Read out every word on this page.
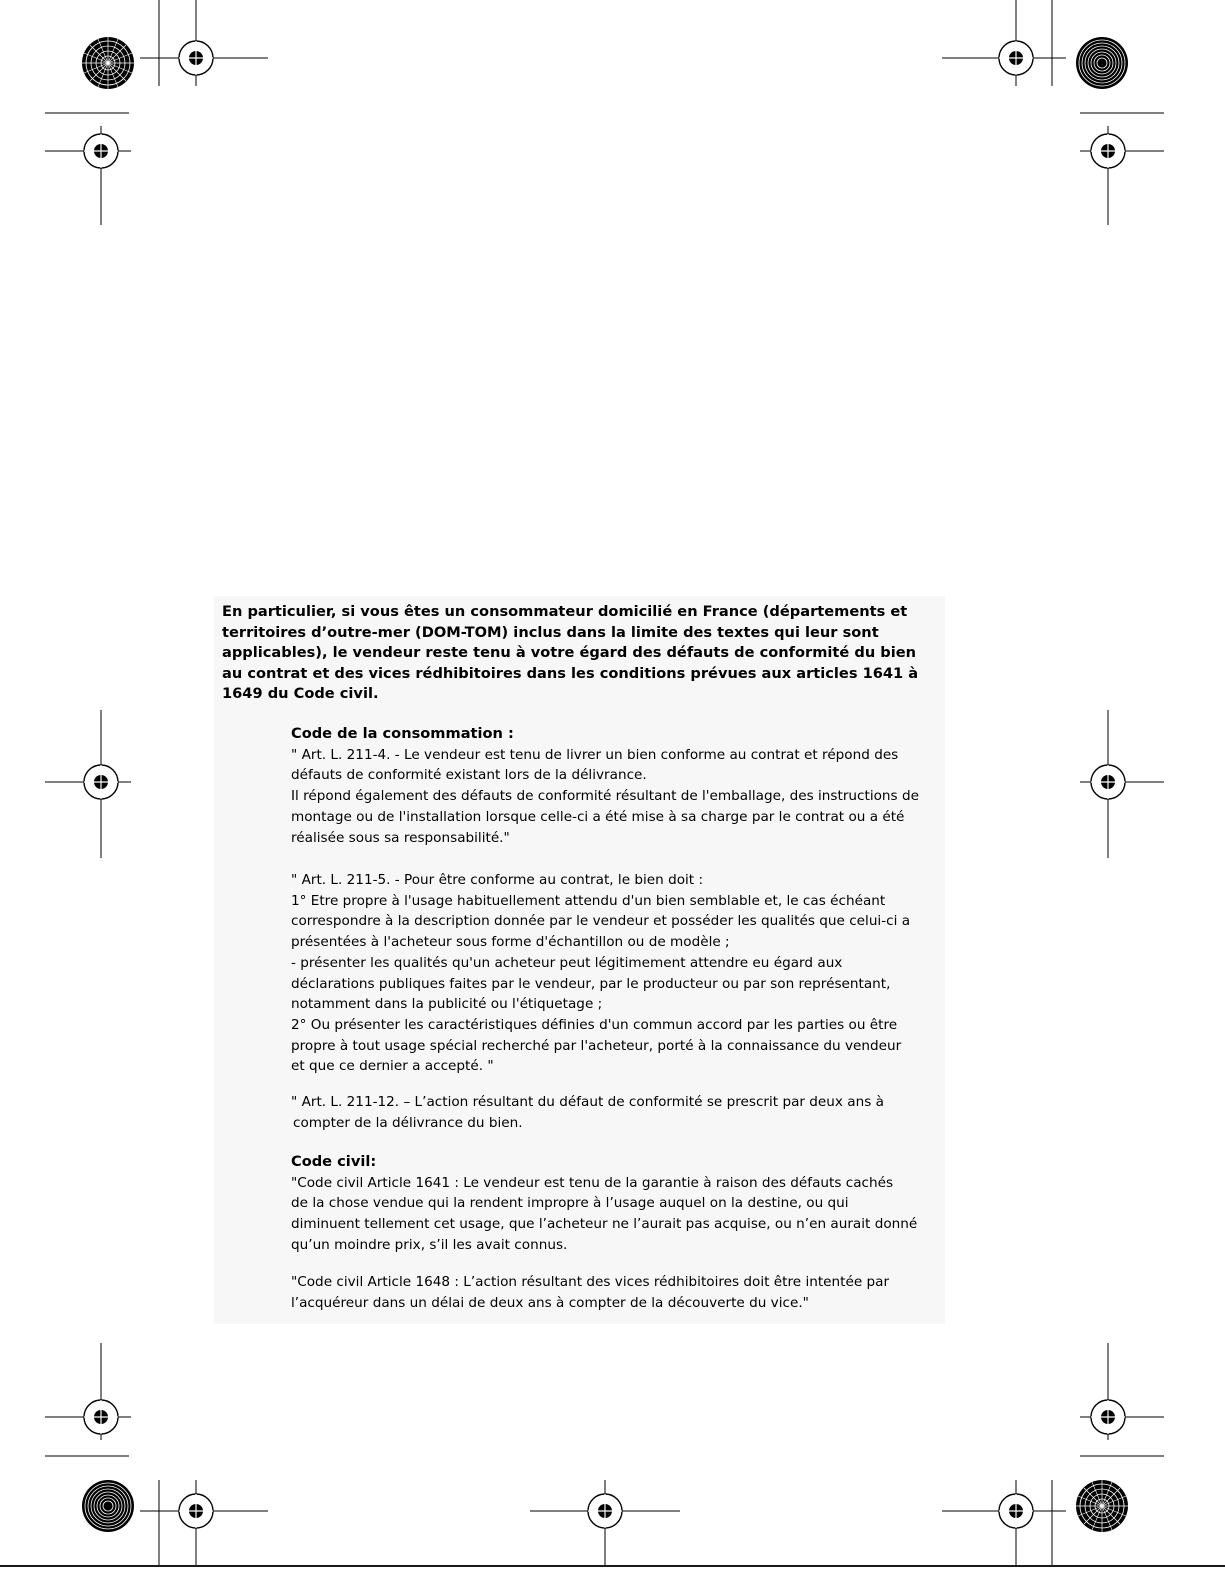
En particulier, si vous êtes un consommateur domicilié en France (départements et
territoires d’outre-mer (DOM-TOM) inclus dans la limite des textes qui leur sont
applicables), le vendeur reste tenu à votre égard des défauts de conformité du bien
au contrat et des vices rédhibitoires dans les conditions prévues aux articles 1641 à
1649 du Code civil.

Code de la consommation :
" Art. L. 211-4. - Le vendeur est tenu de livrer un bien conforme au contrat et répond des
défauts de conformité existant lors de la délivrance.
Il répond également des défauts de conformité résultant de l'emballage, des instructions de
montage ou de l'installation lorsque celle-ci a été mise à sa charge par le contrat ou a été
réalisée sous sa responsabilité."
" Art. L. 211-5. - Pour être conforme au contrat, le bien doit :
1° Etre propre à l'usage habituellement attendu d'un bien semblable et, le cas échéant
correspondre à la description donnée par le vendeur et posséder les qualités que celui-ci a
présentées à l'acheteur sous forme d'échantillon ou de modèle ;
- présenter les qualités qu'un acheteur peut légitimement attendre eu égard aux
déclarations publiques faites par le vendeur, par le producteur ou par son représentant,
notamment dans la publicité ou l'étiquetage ;
2° Ou présenter les caractéristiques définies d'un commun accord par les parties ou être
propre à tout usage spécial recherché par l'acheteur, porté à la connaissance du vendeur
et que ce dernier a accepté. "
" Art. L. 211-12. – L’action résultant du défaut de conformité se prescrit par deux ans à
compter de la délivrance du bien.
Code civil:
"Code civil Article 1641 : Le vendeur est tenu de la garantie à raison des défauts cachés
de la chose vendue qui la rendent impropre à l’usage auquel on la destine, ou qui
diminuent tellement cet usage, que l’acheteur ne l’aurait pas acquise, ou n’en aurait donné
qu’un moindre prix, s’il les avait connus.
"Code civil Article 1648 : L’action résultant des vices rédhibitoires doit être intentée par
l’acquéreur dans un délai de deux ans à compter de la découverte du vice."
